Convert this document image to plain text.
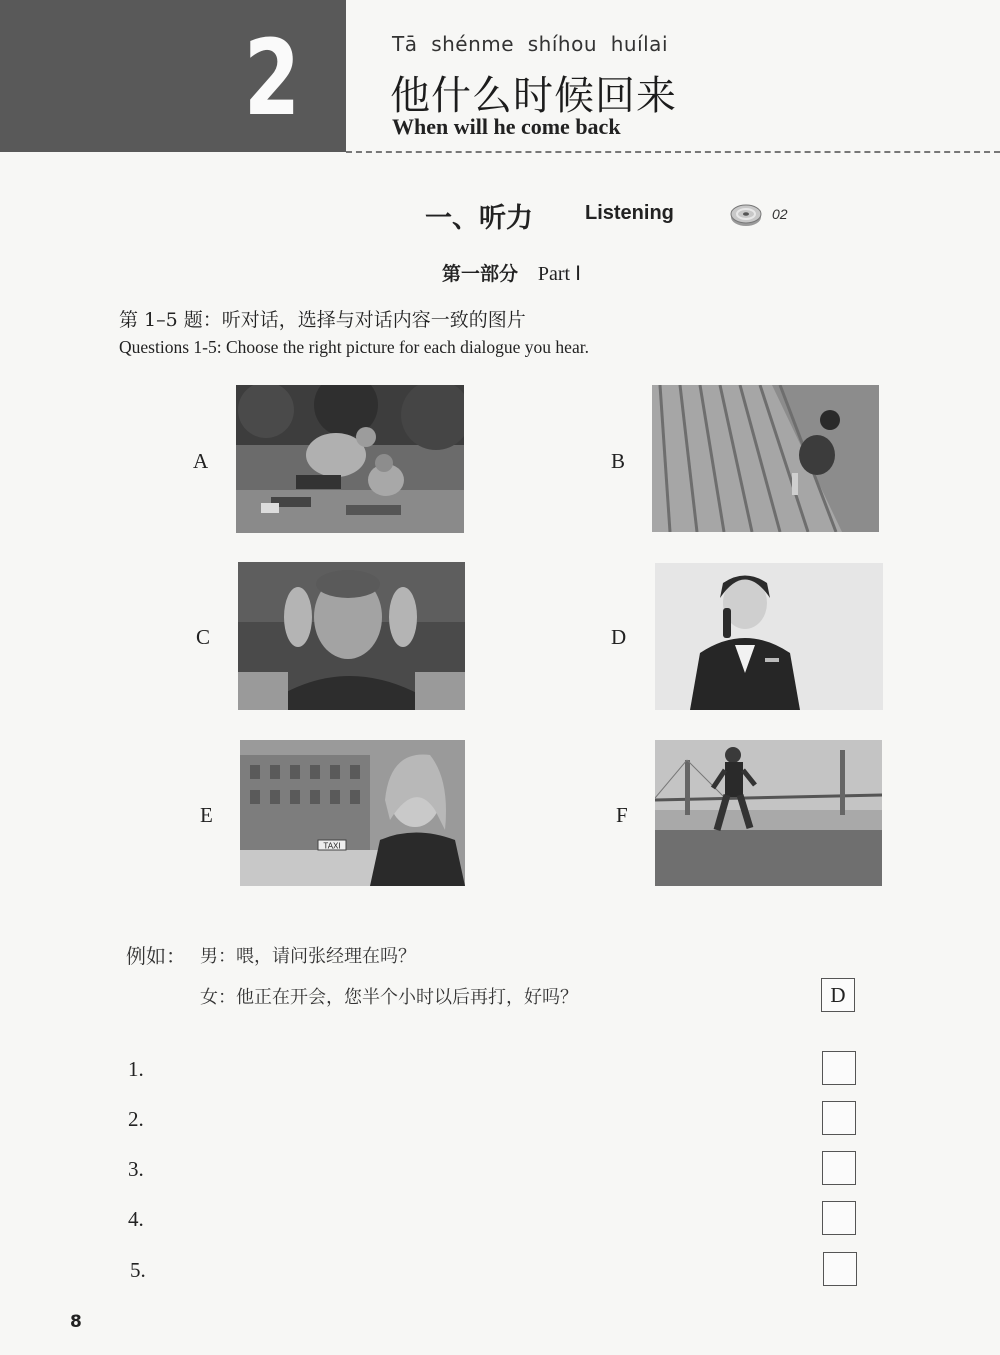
2	Tā  shénme  shíhou  huílai
他什么时候回来
When will he come back
一、听力	Listening	02
第一部分 Part Ⅰ
第 1–5 题：听对话，选择与对话内容一致的图片
Questions 1-5: Choose the right picture for each dialogue you hear.
A	B
C	D
E
TAXI
F
例如： 男：喂，请问张经理在吗？
女：他正在开会，您半个小时以后再打，好吗？	D
1.
2.
3.
4.
5.
8
